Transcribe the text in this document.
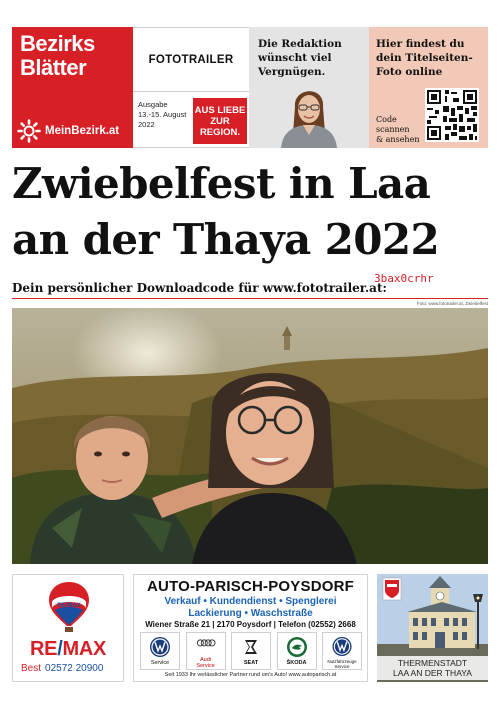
Bezirks
Blätter
MeinBezirk.at
FOTOTRAILER
Ausgabe
13.-15. August 2022
AUS LIEBE
ZUR
REGION.
Die Redaktion wünscht viel Vergnügen.
Hier findest du dein Titelseiten-Foto online
Code
scannen
& ansehen
Zwiebelfest in Laa
an der Thaya 2022
Dein persönlicher Downloadcode für www.fototrailer.at:
3bax0crhr
Foto: www.fototrailer.at, Zwiebelfest
RE/MAX
RE/MAX
Best 02572 20900
AUTO-PARISCH-POYSDORF
Verkauf • Kundendienst • Spenglerei
Lackierung • Waschstraße
Wiener Straße 21 | 2170 Poysdorf | Telefon (02552) 2668
Service	Audi
Service	SEAT	ŠKODA	Nutzfahrzeuge
Service
Seit 1933 Ihr verlässlicher Partner rund um's Auto! www.autoparisch.at
THERMENSTADT
LAA AN DER THAYA
